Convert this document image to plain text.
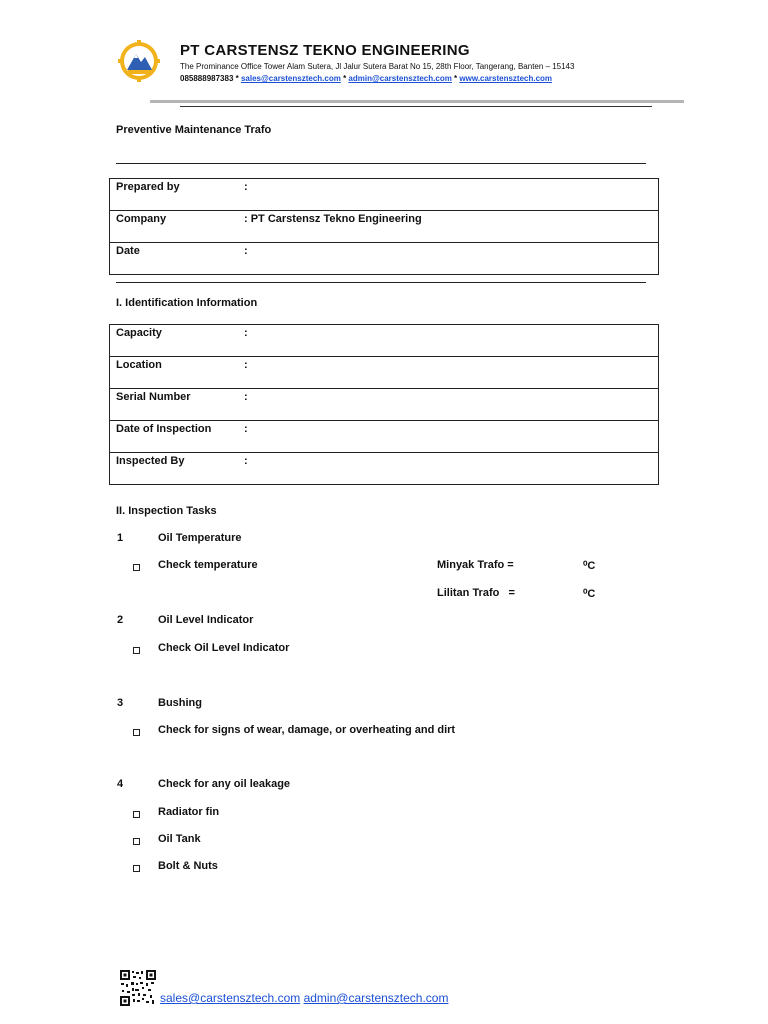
PT CARSTENSZ TEKNO ENGINEERING
The Prominance Office Tower Alam Sutera, Jl Jalur Sutera Barat No 15, 28th Floor, Tangerang, Banten – 15143
085888987383 * sales@carstensztech.com * admin@carstensztech.com * www.carstensztech.com
Preventive Maintenance Trafo
Prepared by	:
Company	: PT Carstensz Tekno Engineering
Date	:
I. Identification Information
Capacity	:
Location	:
Serial Number	:
Date of Inspection	:
Inspected By	:
II. Inspection Tasks
1	Oil Temperature
Check temperature	Minyak Trafo =	⁰C
Lilitan Trafo   =	⁰C
2	Oil Level Indicator
Check Oil Level Indicator
3	Bushing
Check for signs of wear, damage, or overheating and dirt
4	Check for any oil leakage
Radiator fin
Oil Tank
Bolt & Nuts
sales@carstensztech.com admin@carstensztech.com
